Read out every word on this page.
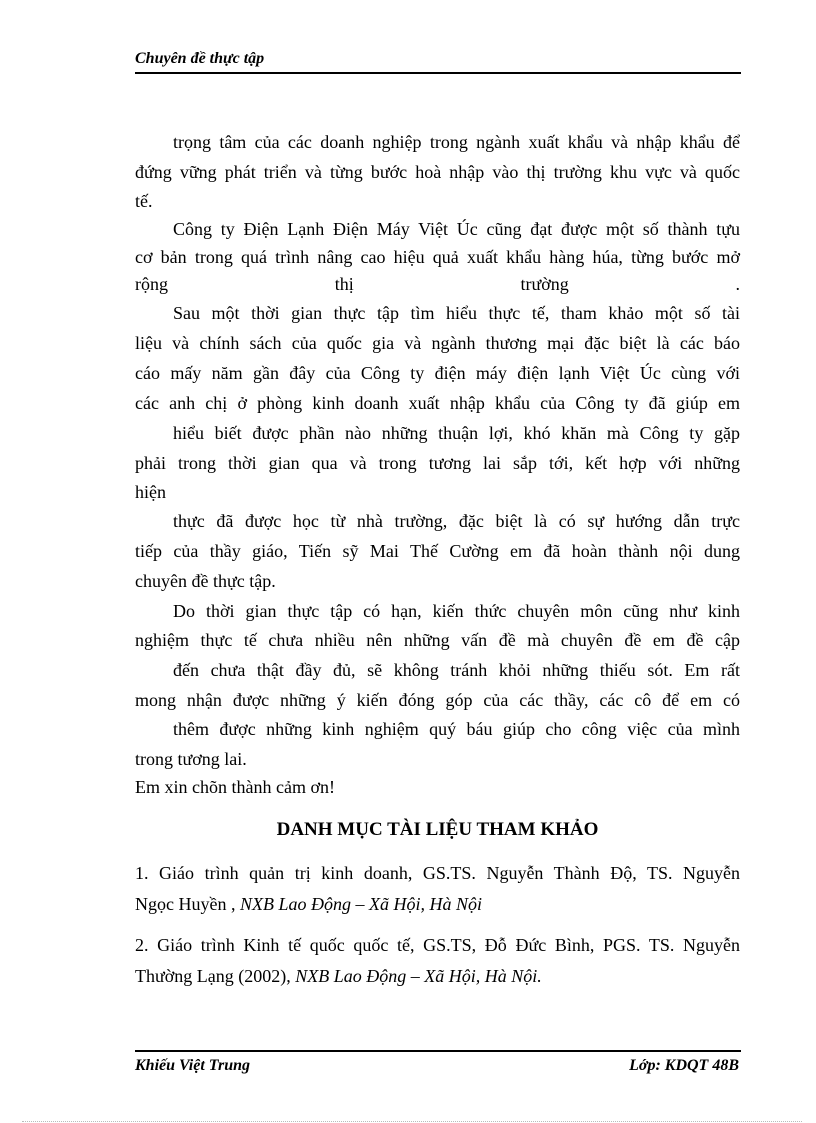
Chuyên đề thực tập
trọng tâm của các doanh nghiệp trong ngành xuất khẩu và nhập khẩu để
đứng vững phát triển và từng bước hoà nhập vào thị trường khu vực và quốc
tế.
Công ty Điện Lạnh Điện Máy Việt Úc cũng đạt được một số thành tựu
cơ bản trong quá trình nâng cao hiệu quả xuất khẩu hàng húa, từng bước mở
rộng thị trường .
Sau một thời gian thực tập tìm hiểu thực tế, tham khảo một số tài
liệu và chính sách của quốc gia và ngành thương mại đặc biệt là các báo
cáo mấy năm gần đây của Công ty điện máy điện lạnh Việt Úc cùng với
các anh chị ở phòng kinh doanh xuất nhập khẩu của Công ty đã giúp em
hiểu biết được phần nào những thuận lợi, khó khăn mà Công ty gặp
phải trong thời gian qua và trong tương lai sắp tới, kết hợp với những
hiện
thực đã được học từ nhà trường, đặc biệt là có sự hướng dẫn trực
tiếp của thầy giáo, Tiến sỹ Mai Thế Cường em đã hoàn thành nội dung
chuyên đề thực tập.
Do thời gian thực tập có hạn, kiến thức chuyên môn cũng như kinh
nghiệm thực tế chưa nhiều nên những vấn đề mà chuyên đề em đề cập
đến chưa thật đầy đủ, sẽ không tránh khỏi những thiếu sót. Em rất
mong nhận được những ý kiến đóng góp của các thầy, các cô để em có
thêm được những kinh nghiệm quý báu giúp cho công việc của mình
trong tương lai.
Em xin chõn thành cảm ơn!
DANH MỤC TÀI LIỆU THAM KHẢO
1. Giáo trình quản trị kinh doanh, GS.TS. Nguyễn Thành Độ, TS. Nguyễn
Ngọc Huyền , NXB Lao Động – Xã Hội, Hà Nội
2. Giáo trình Kinh tế quốc quốc tế, GS.TS, Đỗ Đức Bình, PGS. TS. Nguyễn
Thường Lạng (2002), NXB Lao Động – Xã Hội, Hà Nội.
Khiếu Việt Trung	Lớp: KDQT 48B
